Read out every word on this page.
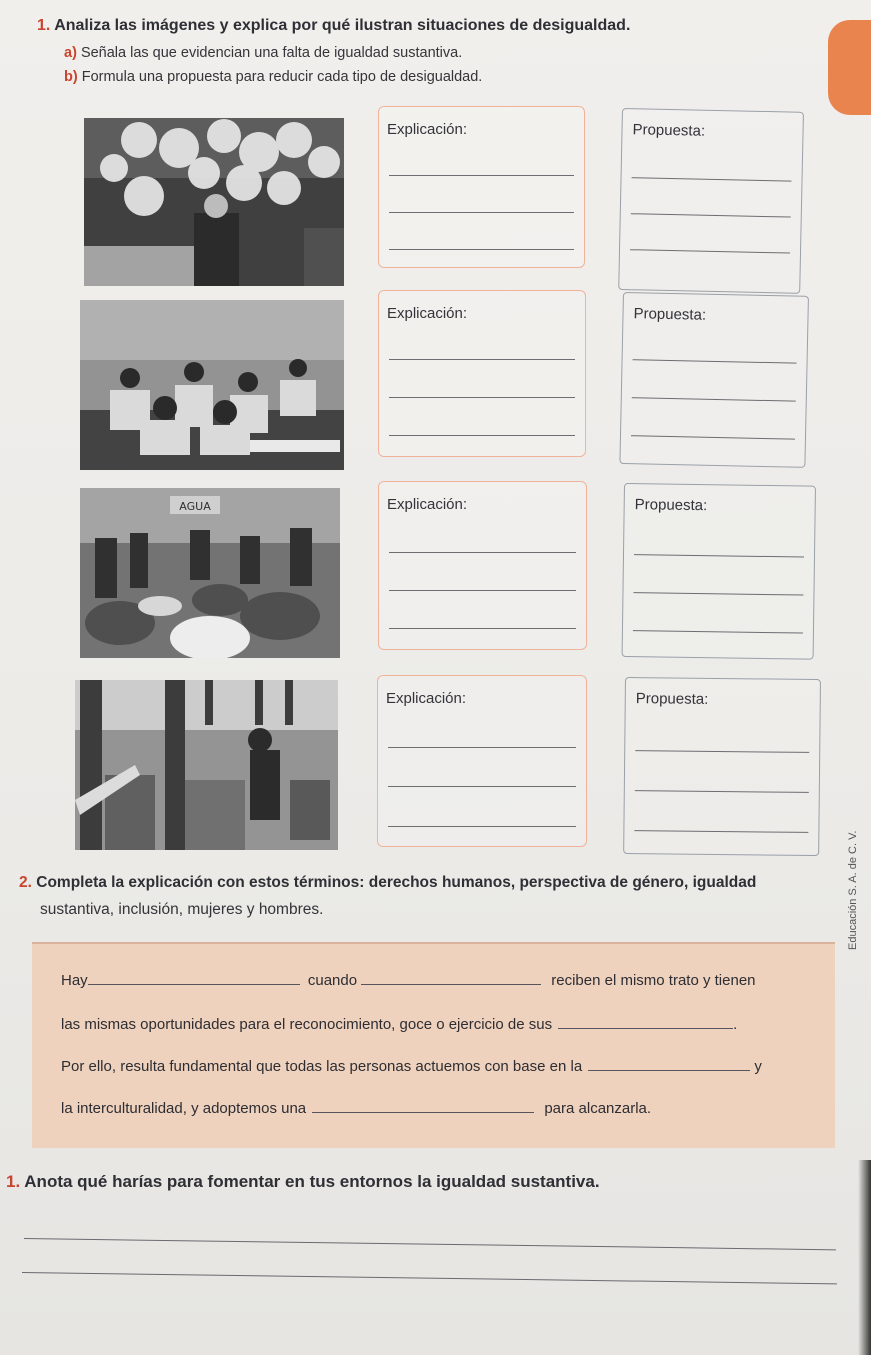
1. Analiza las imágenes y explica por qué ilustran situaciones de desigualdad.
a) Señala las que evidencian una falta de igualdad sustantiva.
b) Formula una propuesta para reducir cada tipo de desigualdad.
Explicación:	Propuesta:
Explicación:	Propuesta:
AGUA	Explicación:	Propuesta:
Explicación:	Propuesta:
2. Completa la explicación con estos términos: derechos humanos, perspectiva de género, igualdad
sustantiva, inclusión, mujeres y hombres.
Hay	cuando	reciben el mismo trato y tienen
las mismas oportunidades para el reconocimiento, goce o ejercicio de sus	.
Por ello, resulta fundamental que todas las personas actuemos con base en la	y
la interculturalidad, y adoptemos una	para alcanzarla.
1. Anota qué harías para fomentar en tus entornos la igualdad sustantiva.
Educación S. A. de C. V.
